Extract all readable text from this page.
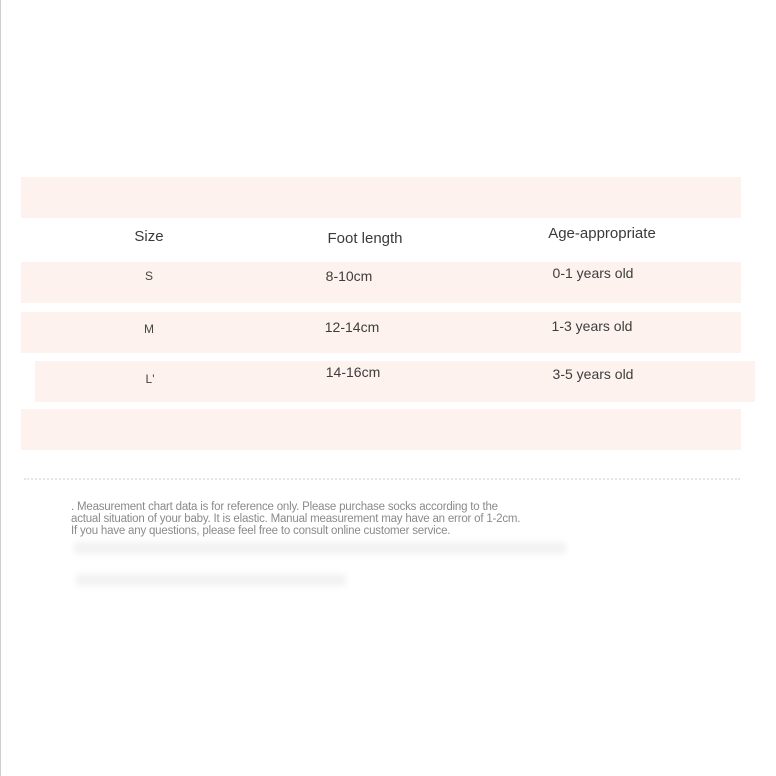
Size	Foot length	Age-appropriate
S	8-10cm	0-1 years old
M	12-14cm	1-3 years old
L'	14-16cm	3-5 years old
. Measurement chart data is for reference only. Please purchase socks according to the
actual situation of your baby. It is elastic. Manual measurement may have an error of 1-2cm.
If you have any questions, please feel free to consult online customer service.
